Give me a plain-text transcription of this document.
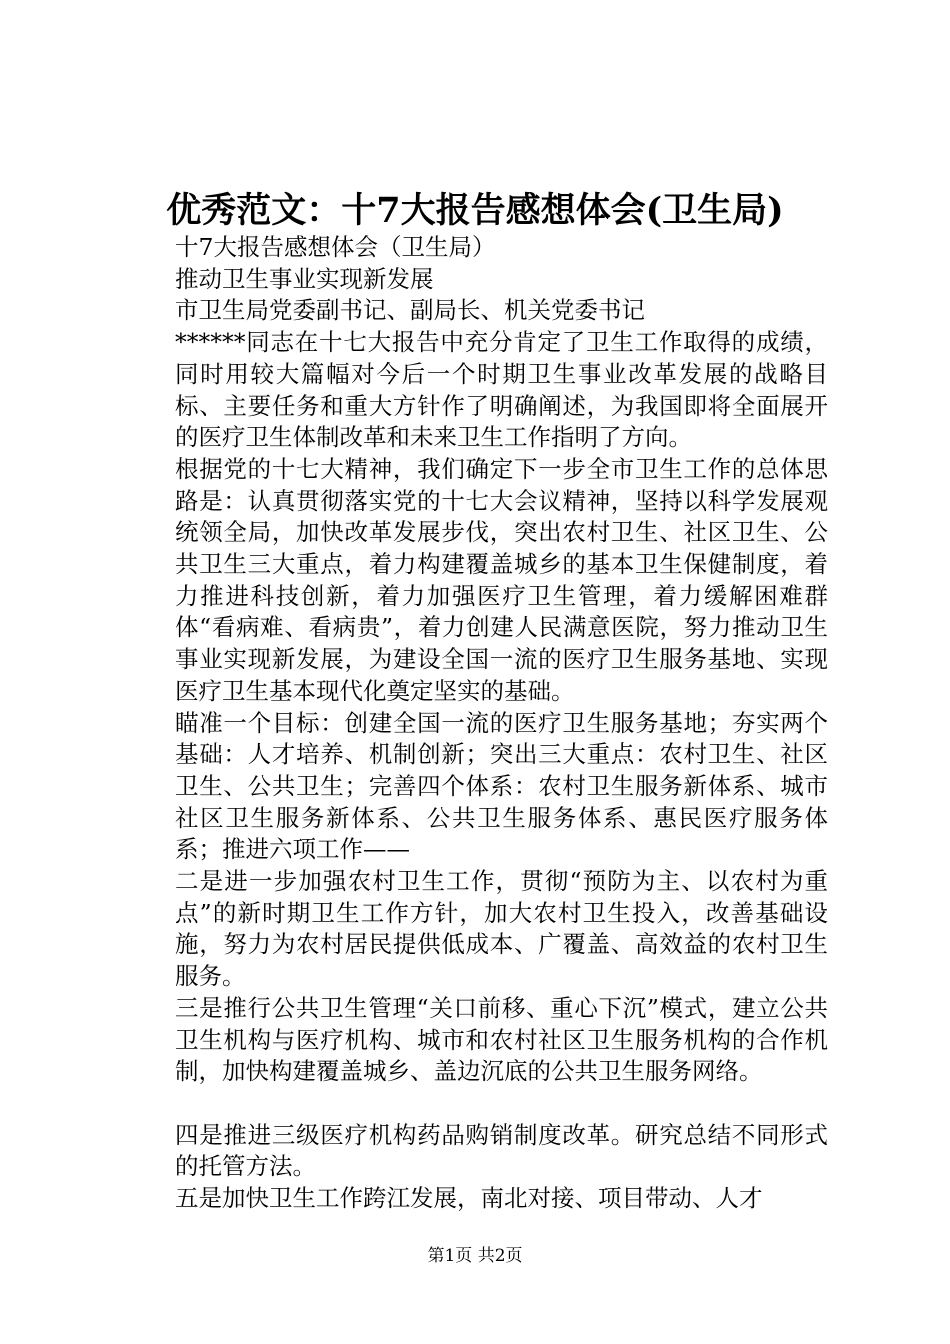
优秀范文：十7大报告感想体会(卫生局)

十7大报告感想体会（卫生局）

推动卫生事业实现新发展

市卫生局党委副书记、副局长、机关党委书记

******同志在十七大报告中充分肯定了卫生工作取得的成绩，同时用较大篇幅对今后一个时期卫生事业改革发展的战略目标、主要任务和重大方针作了明确阐述，为我国即将全面展开的医疗卫生体制改革和未来卫生工作指明了方向。

根据党的十七大精神，我们确定下一步全市卫生工作的总体思路是：认真贯彻落实党的十七大会议精神，坚持以科学发展观统领全局，加快改革发展步伐，突出农村卫生、社区卫生、公共卫生三大重点，着力构建覆盖城乡的基本卫生保健制度，着力推进科技创新，着力加强医疗卫生管理，着力缓解困难群体“看病难、看病贵”，着力创建人民满意医院，努力推动卫生事业实现新发展，为建设全国一流的医疗卫生服务基地、实现医疗卫生基本现代化奠定坚实的基础。

瞄准一个目标：创建全国一流的医疗卫生服务基地；夯实两个基础：人才培养、机制创新；突出三大重点：农村卫生、社区卫生、公共卫生；完善四个体系：农村卫生服务新体系、城市社区卫生服务新体系、公共卫生服务体系、惠民医疗服务体系；推进六项工作——

二是进一步加强农村卫生工作，贯彻“预防为主、以农村为重点”的新时期卫生工作方针，加大农村卫生投入，改善基础设施，努力为农村居民提供低成本、广覆盖、高效益的农村卫生服务。

三是推行公共卫生管理“关口前移、重心下沉”模式，建立公共卫生机构与医疗机构、城市和农村社区卫生服务机构的合作机制，加快构建覆盖城乡、盖边沉底的公共卫生服务网络。

四是推进三级医疗机构药品购销制度改革。研究总结不同形式的托管方法。

五是加快卫生工作跨江发展，南北对接、项目带动、人才

第1页 共2页
